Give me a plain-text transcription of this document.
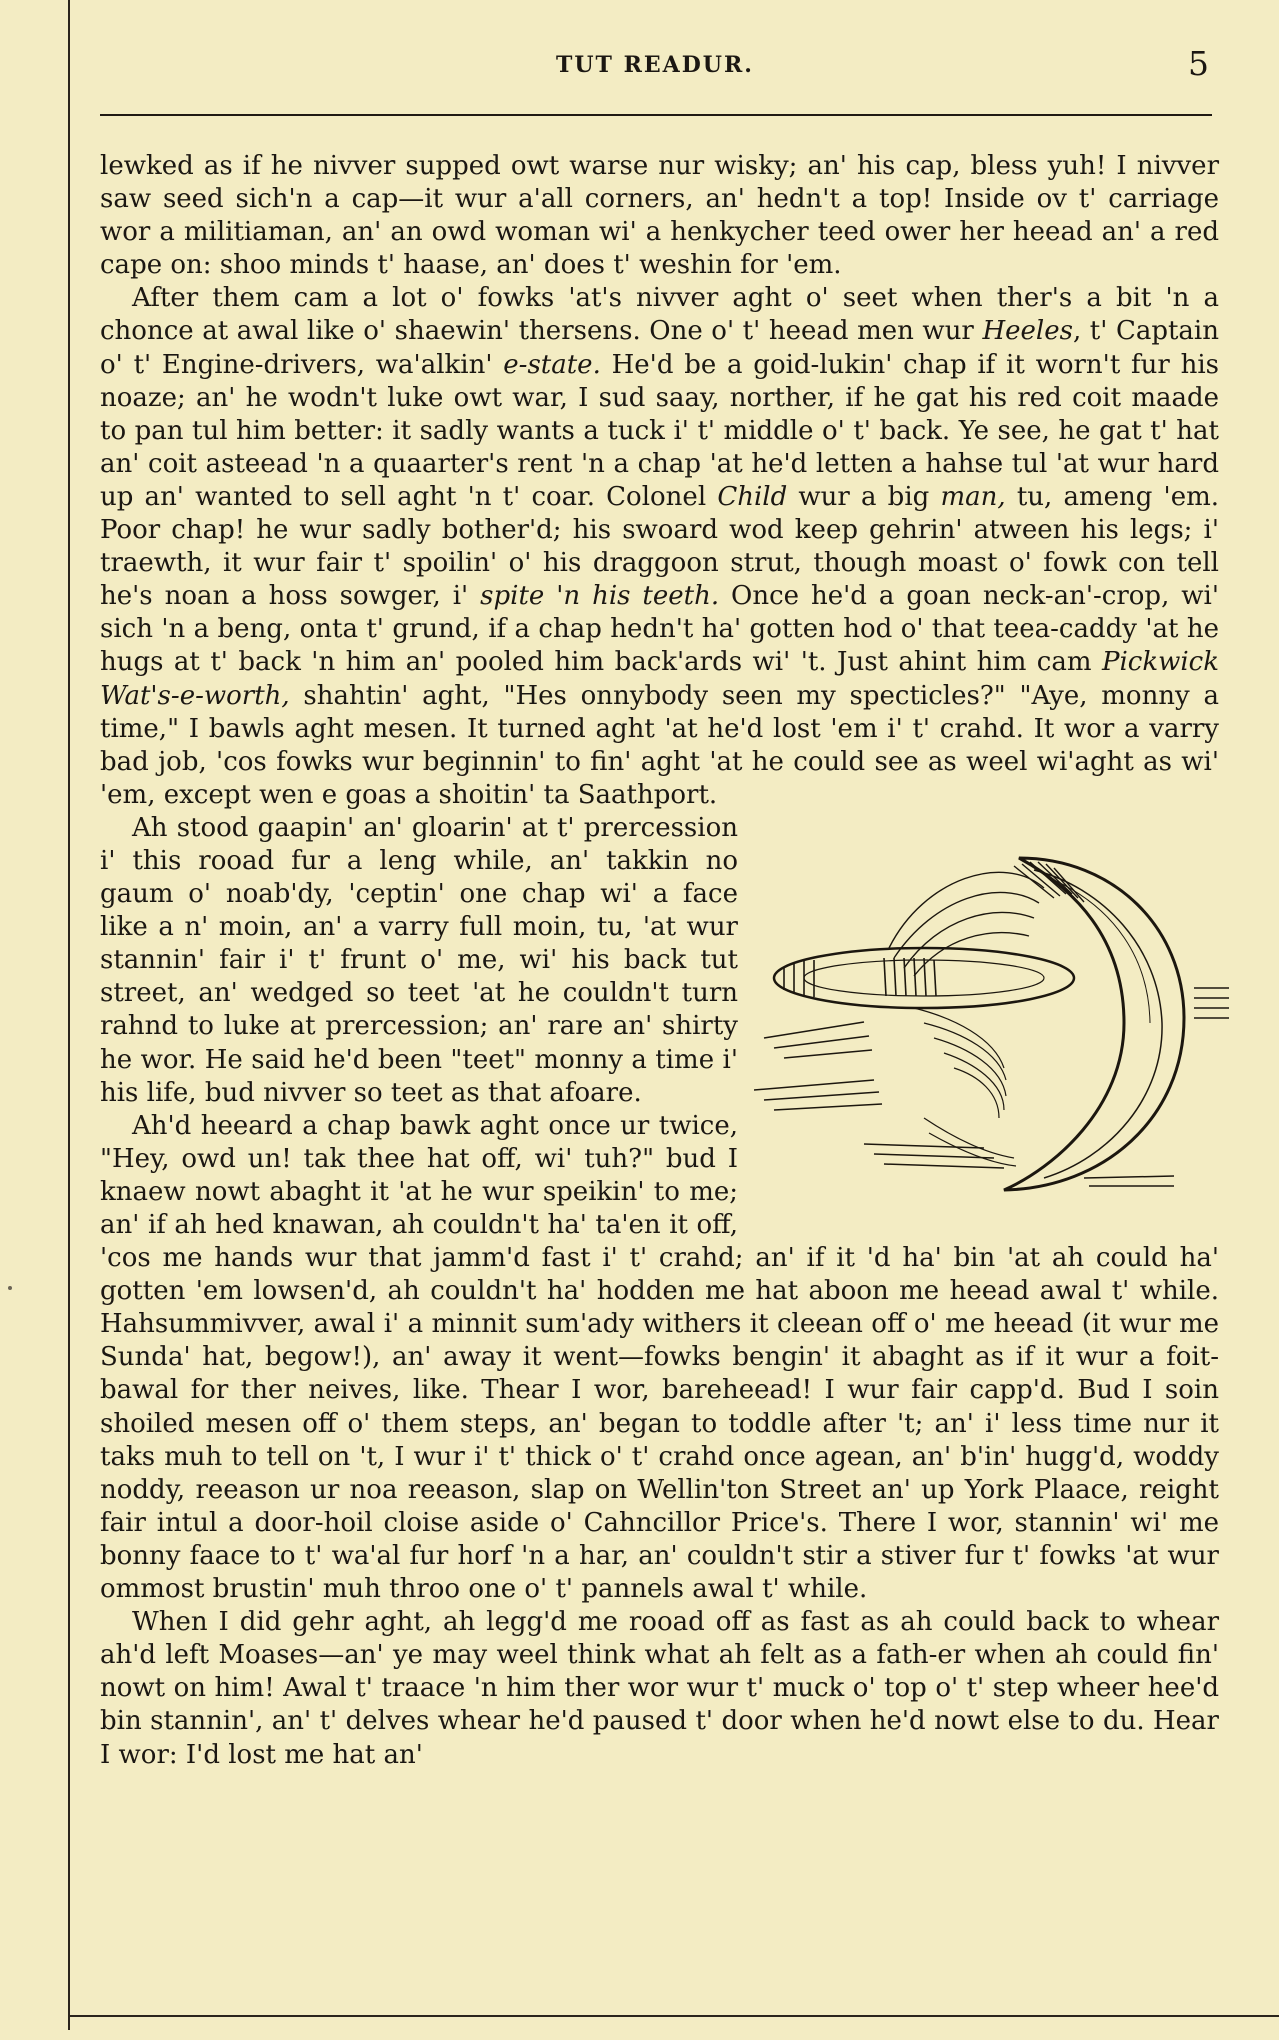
TUT READUR.	5

lewked as if he nivver supped owt warse nur wisky; an' his cap, bless yuh! I nivver saw seed sich'n a cap—it wur a'all corners, an' hedn't a top! Inside ov t' carriage wor a militiaman, an' an owd woman wi' a henkycher teed ower her heead an' a red cape on: shoo minds t' haase, an' does t' weshin for 'em.

After them cam a lot o' fowks 'at's nivver aght o' seet when ther's a bit 'n a chonce at awal like o' shaewin' thersens. One o' t' heead men wur Heeles, t' Captain o' t' Engine-drivers, wa'alkin' e-state. He'd be a goid-lukin' chap if it worn't fur his noaze; an' he wodn't luke owt war, I sud saay, norther, if he gat his red coit maade to pan tul him better: it sadly wants a tuck i' t' middle o' t' back. Ye see, he gat t' hat an' coit asteead 'n a quaarter's rent 'n a chap 'at he'd letten a hahse tul 'at wur hard up an' wanted to sell aght 'n t' coar. Colonel Child wur a big man, tu, ameng 'em. Poor chap! he wur sadly bother'd; his swoard wod keep gehrin' atween his legs; i' traewth, it wur fair t' spoilin' o' his draggoon strut, though moast o' fowk con tell he's noan a hoss sowger, i' spite 'n his teeth. Once he'd a goan neck-an'-crop, wi' sich 'n a beng, onta t' grund, if a chap hedn't ha' gotten hod o' that teea-caddy 'at he hugs at t' back 'n him an' pooled him back'ards wi' 't. Just ahint him cam Pickwick Wat's-e-worth, shahtin' aght, "Hes onnybody seen my specticles?" "Aye, monny a time," I bawls aght mesen. It turned aght 'at he'd lost 'em i' t' crahd. It wor a varry bad job, 'cos fowks wur beginnin' to fin' aght 'at he could see as weel wi'aght as wi' 'em, except wen e goas a shoitin' ta Saathport.

Ah stood gaapin' an' gloarin' at t' prercession i' this rooad fur a leng while, an' takkin no gaum o' noab'dy, 'ceptin' one chap wi' a face like a n' moin, an' a varry full moin, tu, 'at wur stannin' fair i' t' frunt o' me, wi' his back tut street, an' wedged so teet 'at he couldn't turn rahnd to luke at prercession; an' rare an' shirty he wor. He said he'd been "teet" monny a time i' his life, bud nivver so teet as that afoare.

Ah'd heeard a chap bawk aght once ur twice, "Hey, owd un! tak thee hat off, wi' tuh?" bud I knaew nowt abaght it 'at he wur speikin' to me; an' if ah hed knawan, ah couldn't ha' ta'en it off, 'cos me hands wur that jamm'd fast i' t' crahd; an' if it 'd ha' bin 'at ah could ha' gotten 'em lowsen'd, ah couldn't ha' hodden me hat aboon me heead awal t' while. Hahsummivver, awal i' a minnit sum'ady withers it cleean off o' me heead (it wur me Sunda' hat, begow!), an' away it went—fowks bengin' it abaght as if it wur a foit-bawal for ther neives, like. Thear I wor, bareheead! I wur fair capp'd. Bud I soin shoiled mesen off o' them steps, an' began to toddle after 't; an' i' less time nur it taks muh to tell on 't, I wur i' t' thick o' t' crahd once agean, an' b'in' hugg'd, woddy noddy, reeason ur noa reeason, slap on Wellin'ton Street an' up York Plaace, reight fair intul a door-hoil cloise aside o' Cahncillor Price's. There I wor, stannin' wi' me bonny faace to t' wa'al fur horf 'n a har, an' couldn't stir a stiver fur t' fowks 'at wur ommost brustin' muh throo one o' t' pannels awal t' while.

When I did gehr aght, ah legg'd me rooad off as fast as ah could back to whear ah'd left Moases—an' ye may weel think what ah felt as a fath-er when ah could fin' nowt on him! Awal t' traace 'n him ther wor wur t' muck o' top o' t' step wheer hee'd bin stannin', an' t' delves whear he'd paused t' door when he'd nowt else to du. Hear I wor: I'd lost me hat an'
